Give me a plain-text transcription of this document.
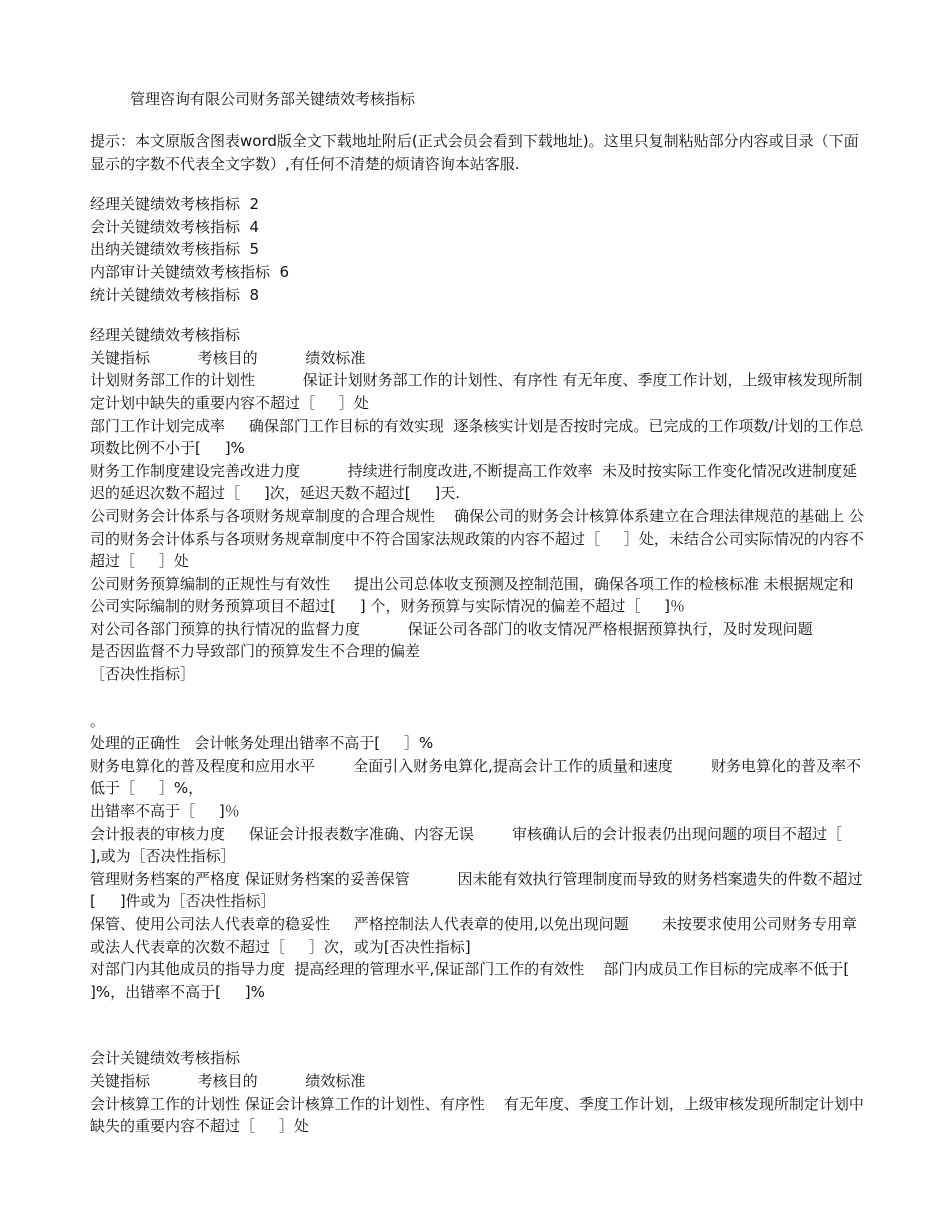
管理咨询有限公司财务部关键绩效考核指标

提示：本文原版含图表word版全文下载地址附后(正式会员会看到下载地址)。这里只复制粘贴部分内容或目录（下面显示的字数不代表全文字数）,有任何不清楚的烦请咨询本站客服.

经理关键绩效考核指标  2

会计关键绩效考核指标  4

出纳关键绩效考核指标  5

内部审计关键绩效考核指标  6

统计关键绩效考核指标  8

经理关键绩效考核指标

关键指标          考核目的          绩效标准

计划财务部工作的计划性          保证计划财务部工作的计划性、有序性 有无年度、季度工作计划，上级审核发现所制定计划中缺失的重要内容不超过［     ］处

部门工作计划完成率     确保部门工作目标的有效实现  逐条核实计划是否按时完成。已完成的工作项数/计划的工作总项数比例不小于[     ]%

财务工作制度建设完善改进力度          持续进行制度改进,不断提高工作效率  未及时按实际工作变化情况改进制度延迟的延迟次数不超过［     ]次，延迟天数不超过[     ]天.

公司财务会计体系与各项财务规章制度的合理合规性    确保公司的财务会计核算体系建立在合理法律规范的基础上 公司的财务会计体系与各项财务规章制度中不符合国家法规政策的内容不超过［     ］处，未结合公司实际情况的内容不超过［     ］处

公司财务预算编制的正规性与有效性     提出公司总体收支预测及控制范围，确保各项工作的检核标准 未根据规定和公司实际编制的财务预算项目不超过[     ] 个，财务预算与实际情况的偏差不超过［     ]％

对公司各部门预算的执行情况的监督力度          保证公司各部门的收支情况严格根据预算执行，及时发现问题          是否因监督不力导致部门的预算发生不合理的偏差

［否决性指标］

。

处理的正确性   会计帐务处理出错率不高于[     ］%

财务电算化的普及程度和应用水平        全面引入财务电算化,提高会计工作的质量和速度        财务电算化的普及率不低于［     ］%，

出错率不高于［     ]％

会计报表的审核力度     保证会计报表数字准确、内容无误        审核确认后的会计报表仍出现问题的项目不超过［     ],或为［否决性指标］

管理财务档案的严格度 保证财务档案的妥善保管          因未能有效执行管理制度而导致的财务档案遗失的件数不超过[     ]件或为［否决性指标］

保管、使用公司法人代表章的稳妥性     严格控制法人代表章的使用,以免出现问题       未按要求使用公司财务专用章或法人代表章的次数不超过［     ］次，或为[否决性指标]

对部门内其他成员的指导力度  提高经理的管理水平,保证部门工作的有效性    部门内成员工作目标的完成率不低于[     ]%，出错率不高于[     ]%

会计关键绩效考核指标

关键指标          考核目的          绩效标准

会计核算工作的计划性 保证会计核算工作的计划性、有序性    有无年度、季度工作计划，上级审核发现所制定计划中缺失的重要内容不超过［     ］处
